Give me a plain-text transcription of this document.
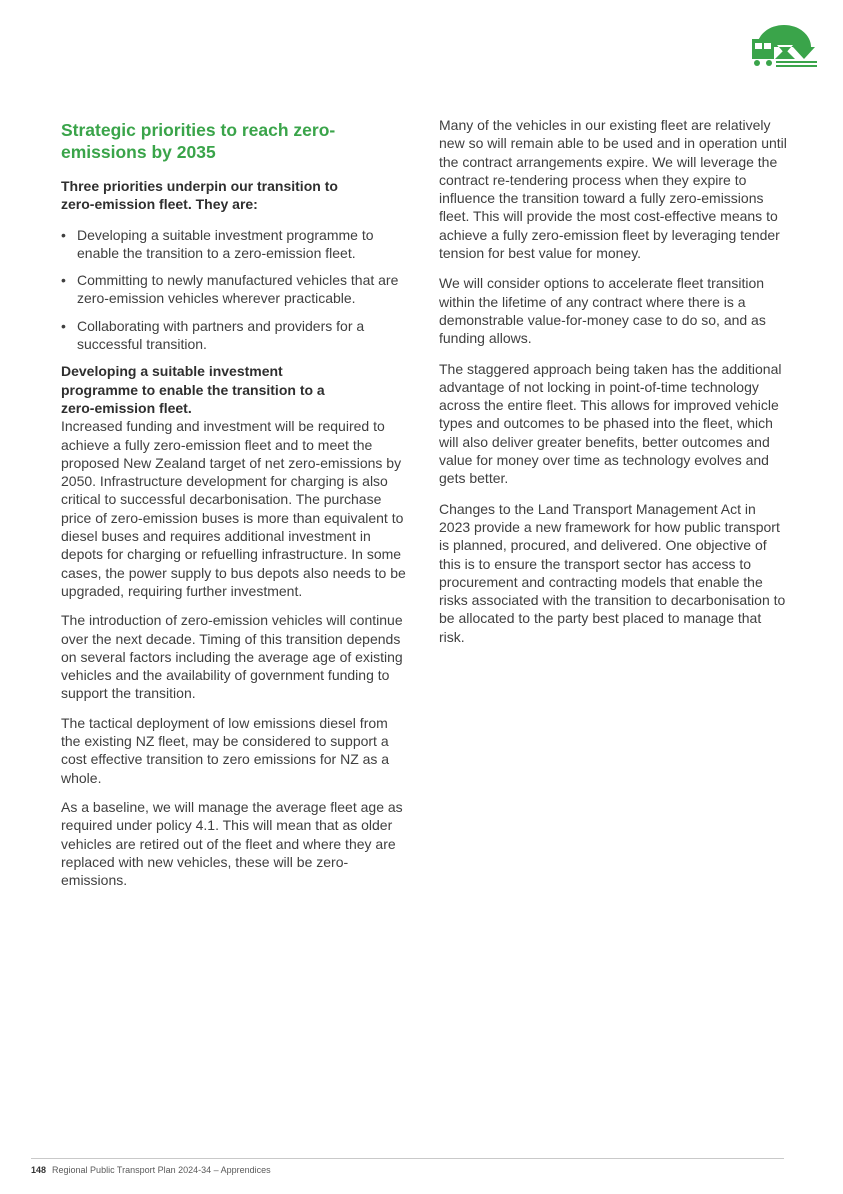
Strategic priorities to reach zero-emissions by 2035

Three priorities underpin our transition to zero-emission fleet. They are:

• Developing a suitable investment programme to enable the transition to a zero-emission fleet.
• Committing to newly manufactured vehicles that are zero-emission vehicles wherever practicable.
• Collaborating with partners and providers for a successful transition.
Developing a suitable investment programme to enable the transition to a zero-emission fleet.

Increased funding and investment will be required to achieve a fully zero-emission fleet and to meet the proposed New Zealand target of net zero-emissions by 2050. Infrastructure development for charging is also critical to successful decarbonisation. The purchase price of zero-emission buses is more than equivalent to diesel buses and requires additional investment in depots for charging or refuelling infrastructure. In some cases, the power supply to bus depots also needs to be upgraded, requiring further investment.

The introduction of zero-emission vehicles will continue over the next decade. Timing of this transition depends on several factors including the average age of existing vehicles and the availability of government funding to support the transition.

The tactical deployment of low emissions diesel from the existing NZ fleet, may be considered to support a cost effective transition to zero emissions for NZ as a whole.

As a baseline, we will manage the average fleet age as required under policy 4.1. This will mean that as older vehicles are retired out of the fleet and where they are replaced with new vehicles, these will be zero-emissions.

Many of the vehicles in our existing fleet are relatively new so will remain able to be used and in operation until the contract arrangements expire. We will leverage the contract re-tendering process when they expire to influence the transition toward a fully zero-emissions fleet. This will provide the most cost-effective means to achieve a fully zero-emission fleet by leveraging tender tension for best value for money.

We will consider options to accelerate fleet transition within the lifetime of any contract where there is a demonstrable value-for-money case to do so, and as funding allows.

The staggered approach being taken has the additional advantage of not locking in point-of-time technology across the entire fleet. This allows for improved vehicle types and outcomes to be phased into the fleet, which will also deliver greater benefits, better outcomes and value for money over time as technology evolves and gets better.

Changes to the Land Transport Management Act in 2023 provide a new framework for how public transport is planned, procured, and delivered. One objective of this is to ensure the transport sector has access to procurement and contracting models that enable the risks associated with the transition to decarbonisation to be allocated to the party best placed to manage that risk.

148 Regional Public Transport Plan 2024-34 – Apprendices
